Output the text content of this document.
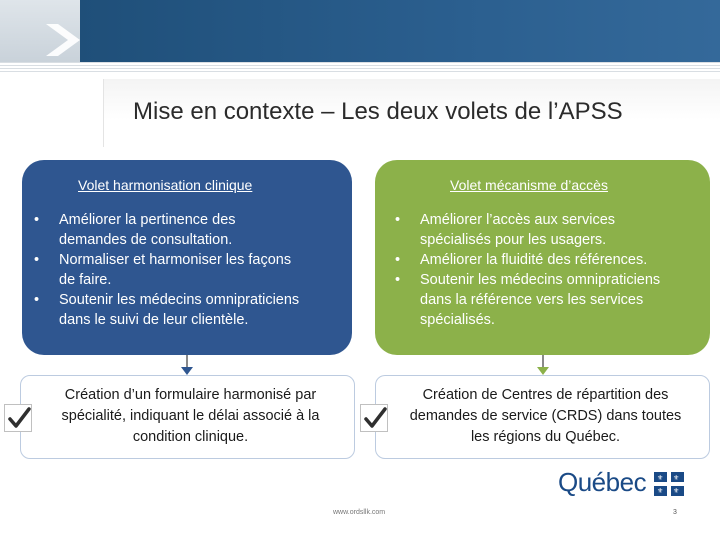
Mise en contexte – Les deux volets de l’APSS
Volet harmonisation clinique
• Améliorer la pertinence des
demandes de consultation.
• Normaliser et harmoniser les façons
de faire.
• Soutenir les médecins omnipraticiens
dans le suivi de leur clientèle.
Volet mécanisme d’accès
• Améliorer l’accès aux services
spécialisés pour les usagers.
• Améliorer la fluidité des références.
• Soutenir les médecins omnipraticiens
dans la référence vers les services
spécialisés.
Création d’un formulaire harmonisé par
spécialité, indiquant le délai associé à la
condition clinique.
Création de Centres de répartition des
demandes de service (CRDS) dans toutes
les régions du Québec.
Québec ⚜ ⚜
⚜ ⚜
www.ordsllk.com	3
